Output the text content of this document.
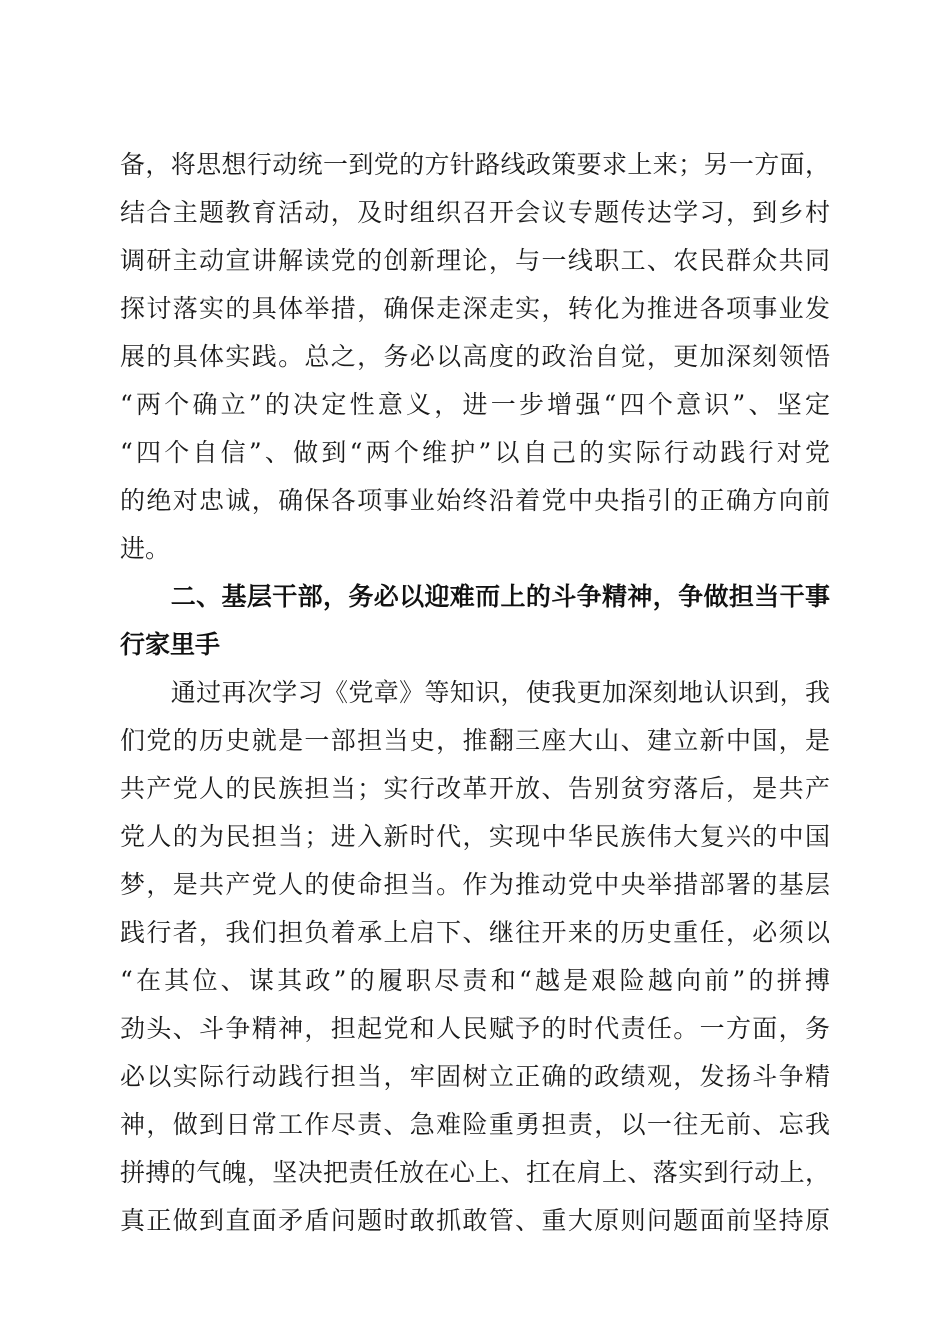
备，将思想行动统一到党的方针路线政策要求上来；另一方面，
结合主题教育活动，及时组织召开会议专题传达学习，到乡村
调研主动宣讲解读党的创新理论，与一线职工、农民群众共同
探讨落实的具体举措，确保走深走实，转化为推进各项事业发
展的具体实践。总之，务必以高度的政治自觉，更加深刻领悟
“两个确立”的决定性意义，进一步增强“四个意识”、坚定
“四个自信”、做到“两个维护”以自己的实际行动践行对党
的绝对忠诚，确保各项事业始终沿着党中央指引的正确方向前
进。
　　二、基层干部，务必以迎难而上的斗争精神，争做担当干事
行家里手
　　通过再次学习《党章》等知识，使我更加深刻地认识到，我
们党的历史就是一部担当史，推翻三座大山、建立新中国，是
共产党人的民族担当；实行改革开放、告别贫穷落后，是共产
党人的为民担当；进入新时代，实现中华民族伟大复兴的中国
梦，是共产党人的使命担当。作为推动党中央举措部署的基层
践行者，我们担负着承上启下、继往开来的历史重任，必须以
“在其位、谋其政”的履职尽责和“越是艰险越向前”的拼搏
劲头、斗争精神，担起党和人民赋予的时代责任。一方面，务
必以实际行动践行担当，牢固树立正确的政绩观，发扬斗争精
神，做到日常工作尽责、急难险重勇担责，以一往无前、忘我
拼搏的气魄，坚决把责任放在心上、扛在肩上、落实到行动上，
真正做到直面矛盾问题时敢抓敢管、重大原则问题面前坚持原
